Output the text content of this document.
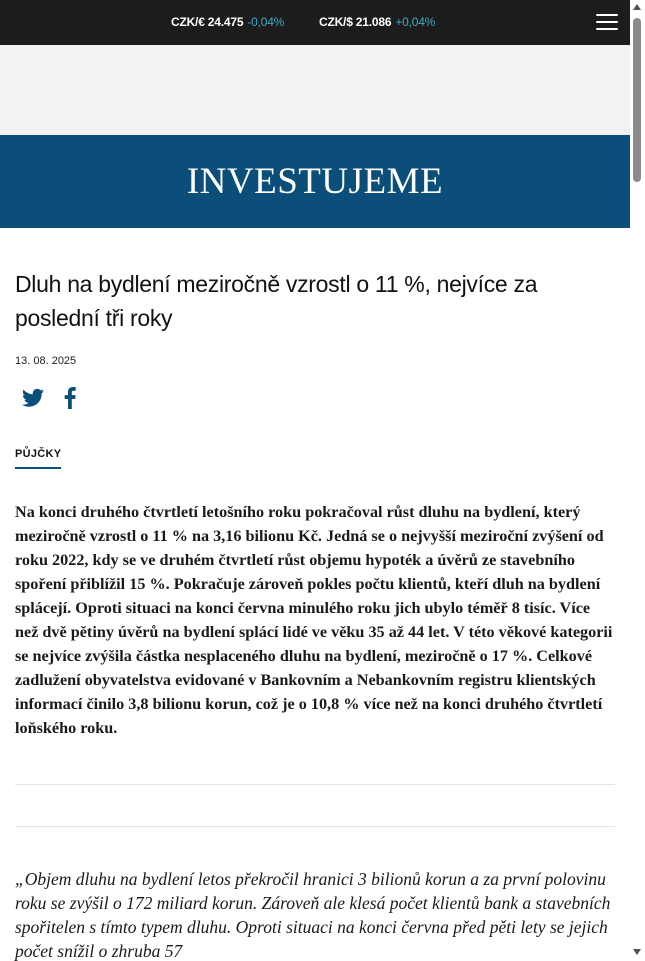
CZK/€ 24.475 -0,04%	CZK/$ 21.086 +0,04%
INVESTUJEME
Dluh na bydlení meziročně vzrostl o 11 %, nejvíce za poslední tři roky
13. 08. 2025
PŮJČKY

Na konci druhého čtvrtletí letošního roku pokračoval růst dluhu na bydlení, který meziročně vzrostl o 11 % na 3,16 bilionu Kč. Jedná se o nejvyšší meziroční zvýšení od roku 2022, kdy se ve druhém čtvrtletí růst objemu hypoték a úvěrů ze stavebního spoření přiblížil 15 %. Pokračuje zároveň pokles počtu klientů, kteří dluh na bydlení splácejí. Oproti situaci na konci června minulého roku jich ubylo téměř 8 tisíc. Více než dvě pětiny úvěrů na bydlení splácí lidé ve věku 35 až 44 let. V této věkové kategorii se nejvíce zvýšila částka nesplaceného dluhu na bydlení, meziročně o 17 %. Celkové zadlužení obyvatelstva evidované v Bankovním a Nebankovním registru klientských informací činilo 3,8 bilionu korun, což je o 10,8 % více než na konci druhého čtvrtletí loňského roku.

„Objem dluhu na bydlení letos překročil hranici 3 bilionů korun a za první polovinu roku se zvýšil o 172 miliard korun. Zároveň ale klesá počet klientů bank a stavebních spořitelen s tímto typem dluhu. Oproti situaci na konci června před pěti lety se jejich počet snížil o zhruba 57
